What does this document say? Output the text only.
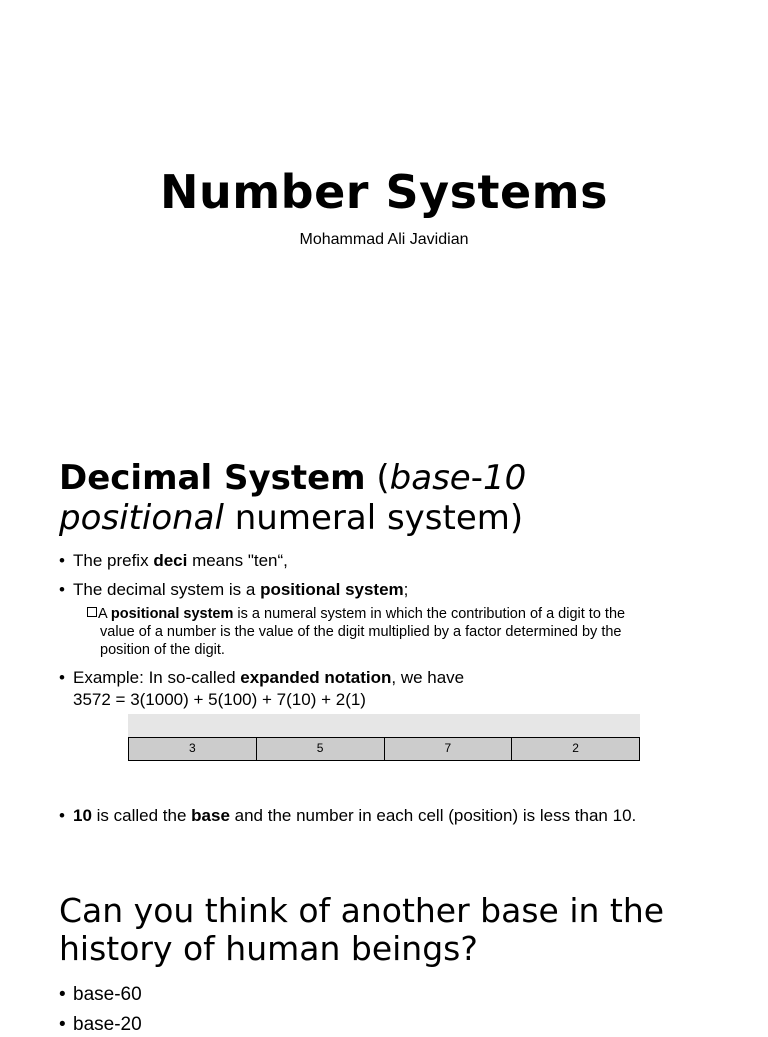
Number Systems
Mohammad Ali Javidian
Decimal System (base-10
positional numeral system)
• The prefix deci means "ten“,
• The decimal system is a positional system;
A positional system is a numeral system in which the contribution of a digit to the
value of a number is the value of the digit multiplied by a factor determined by the
position of the digit.
• Example: In so-called expanded notation, we have
3572 = 3(1000) + 5(100) + 7(10) + 2(1)
3	5	7	2
• 10 is called the base and the number in each cell (position) is less than 10.
Can you think of another base in the
history of human beings?
• base-60
• base-20
